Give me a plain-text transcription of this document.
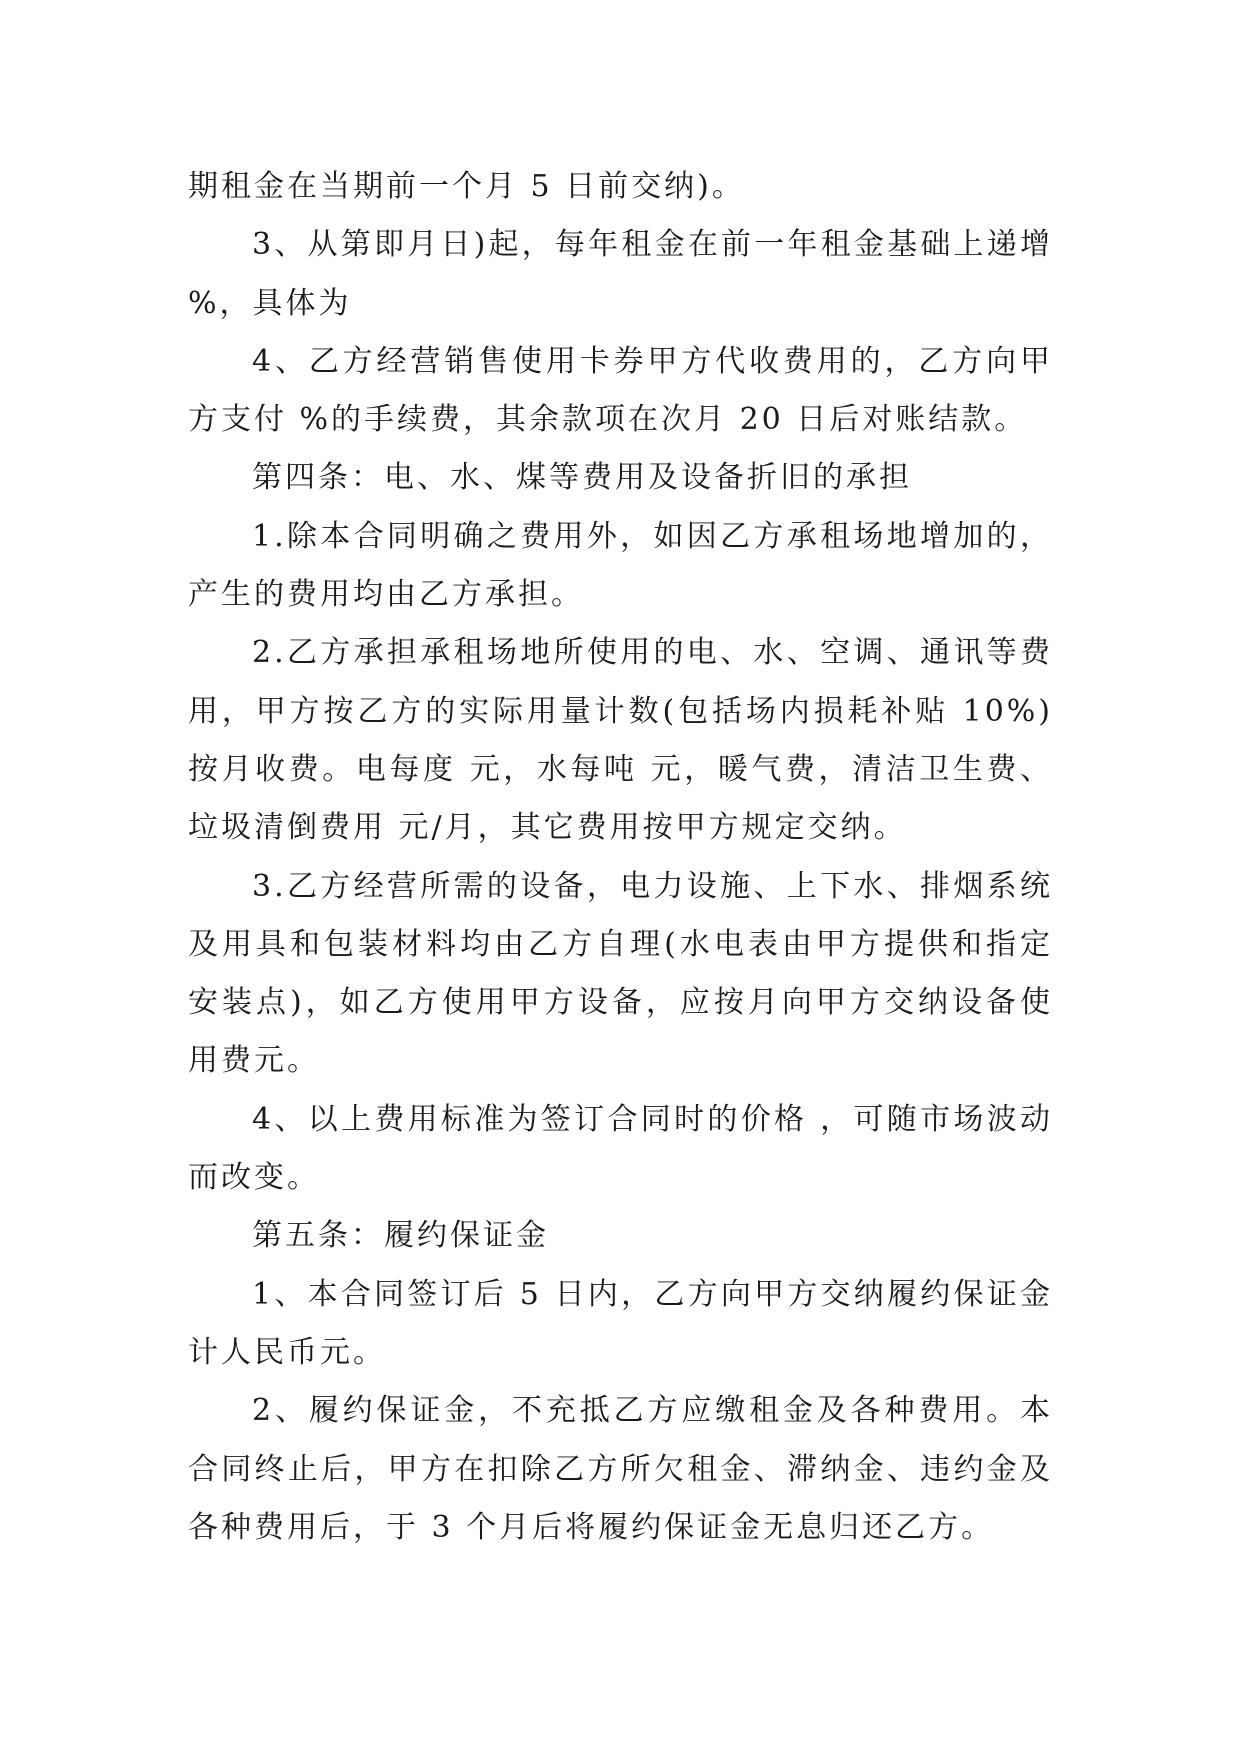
期租金在当期前一个月 5 日前交纳)。

3、从第即月日)起，每年租金在前一年租金基础上递增 %，具体为

4、乙方经营销售使用卡券甲方代收费用的，乙方向甲方支付 %的手续费，其余款项在次月 20 日后对账结款。

第四条：电、水、煤等费用及设备折旧的承担

1.除本合同明确之费用外，如因乙方承租场地增加的，产生的费用均由乙方承担。

2.乙方承担承租场地所使用的电、水、空调、通讯等费用，甲方按乙方的实际用量计数(包括场内损耗补贴 10%)按月收费。电每度 元，水每吨 元，暖气费，清洁卫生费、垃圾清倒费用 元/月，其它费用按甲方规定交纳。

3.乙方经营所需的设备，电力设施、上下水、排烟系统及用具和包装材料均由乙方自理(水电表由甲方提供和指定安装点)，如乙方使用甲方设备，应按月向甲方交纳设备使用费元。

4、以上费用标准为签订合同时的价格 ，可随市场波动而改变。

第五条：履约保证金

1、本合同签订后 5 日内，乙方向甲方交纳履约保证金计人民币元。

2、履约保证金，不充抵乙方应缴租金及各种费用。本合同终止后，甲方在扣除乙方所欠租金、滞纳金、违约金及各种费用后，于 3 个月后将履约保证金无息归还乙方。
